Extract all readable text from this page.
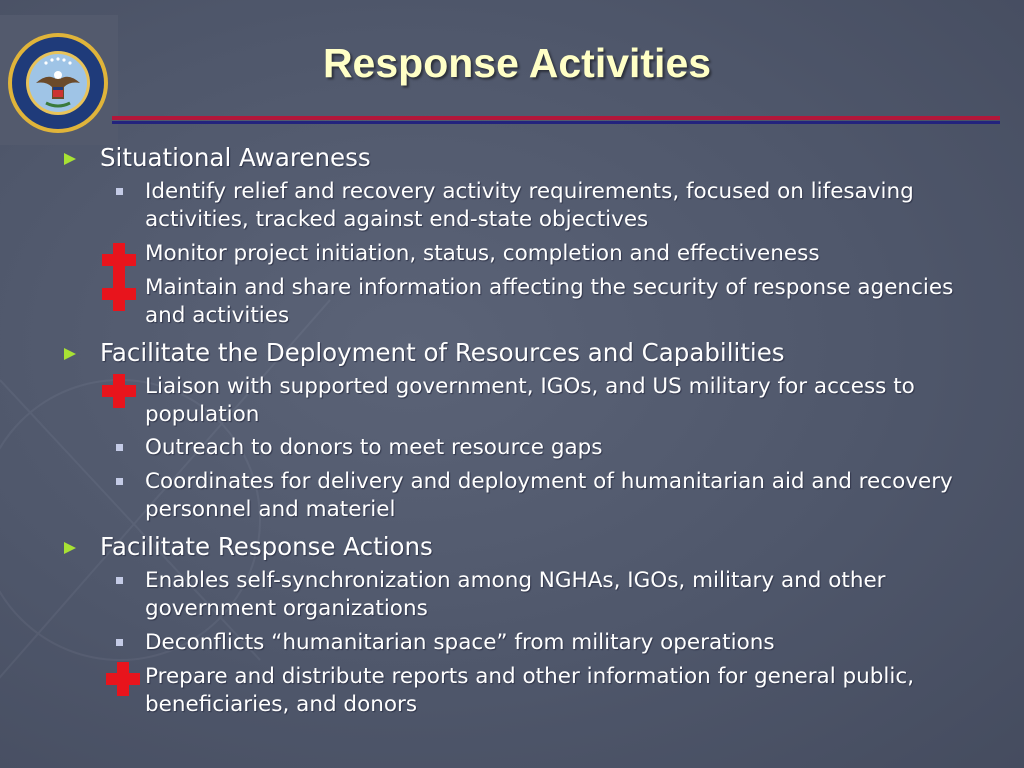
Response Activities
Situational Awareness
Identify relief and recovery activity requirements, focused on lifesaving activities, tracked against end-state objectives
Monitor project initiation, status, completion and effectiveness
Maintain and share information affecting the security of response agencies and activities
Facilitate the Deployment of Resources and Capabilities
Liaison with supported government, IGOs, and US military for access to population
Outreach to donors to meet resource gaps
Coordinates for delivery and deployment of humanitarian aid and recovery personnel and materiel
Facilitate Response Actions
Enables self-synchronization among NGHAs, IGOs, military and other government organizations
Deconflicts “humanitarian space” from military operations
Prepare and distribute reports and other information for general public, beneficiaries, and donors
